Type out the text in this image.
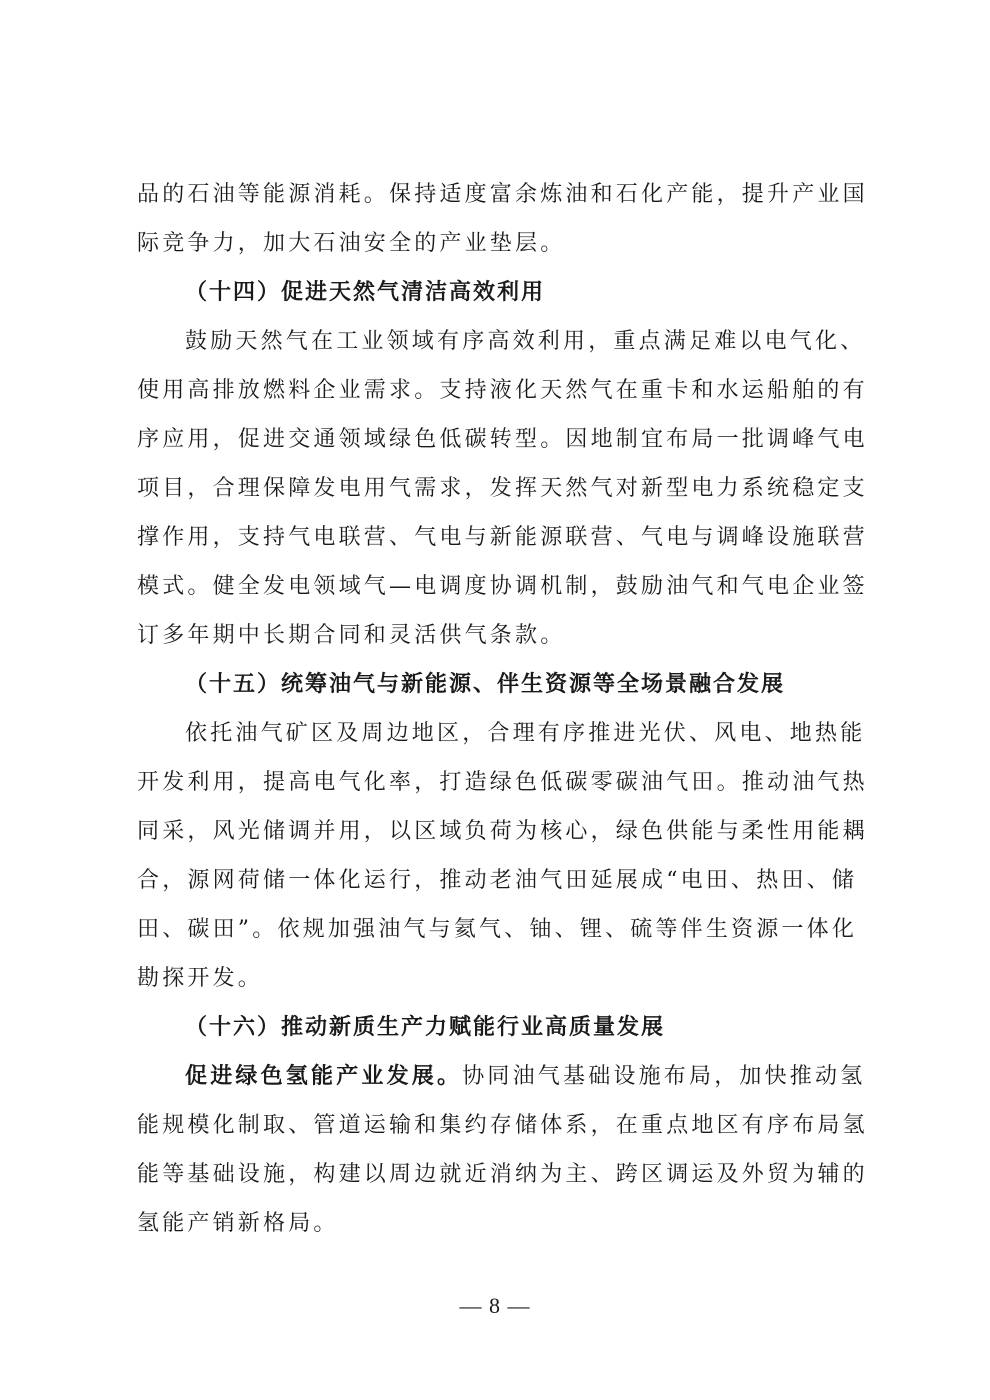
品的石油等能源消耗。保持适度富余炼油和石化产能，提升产业国
际竞争力，加大石油安全的产业垫层。
（十四）促进天然气清洁高效利用
鼓励天然气在工业领域有序高效利用，重点满足难以电气化、
使用高排放燃料企业需求。支持液化天然气在重卡和水运船舶的有
序应用，促进交通领域绿色低碳转型。因地制宜布局一批调峰气电
项目，合理保障发电用气需求，发挥天然气对新型电力系统稳定支
撑作用，支持气电联营、气电与新能源联营、气电与调峰设施联营
模式。健全发电领域气—电调度协调机制，鼓励油气和气电企业签
订多年期中长期合同和灵活供气条款。
（十五）统筹油气与新能源、伴生资源等全场景融合发展
依托油气矿区及周边地区，合理有序推进光伏、风电、地热能
开发利用，提高电气化率，打造绿色低碳零碳油气田。推动油气热
同采，风光储调并用，以区域负荷为核心，绿色供能与柔性用能耦
合，源网荷储一体化运行，推动老油气田延展成“电田、热田、储
田、碳田”。依规加强油气与氦气、铀、锂、硫等伴生资源一体化
勘探开发。
（十六）推动新质生产力赋能行业高质量发展
促进绿色氢能产业发展。协同油气基础设施布局，加快推动氢
能规模化制取、管道运输和集约存储体系，在重点地区有序布局氢
能等基础设施，构建以周边就近消纳为主、跨区调运及外贸为辅的
氢能产销新格局。
— 8 —
